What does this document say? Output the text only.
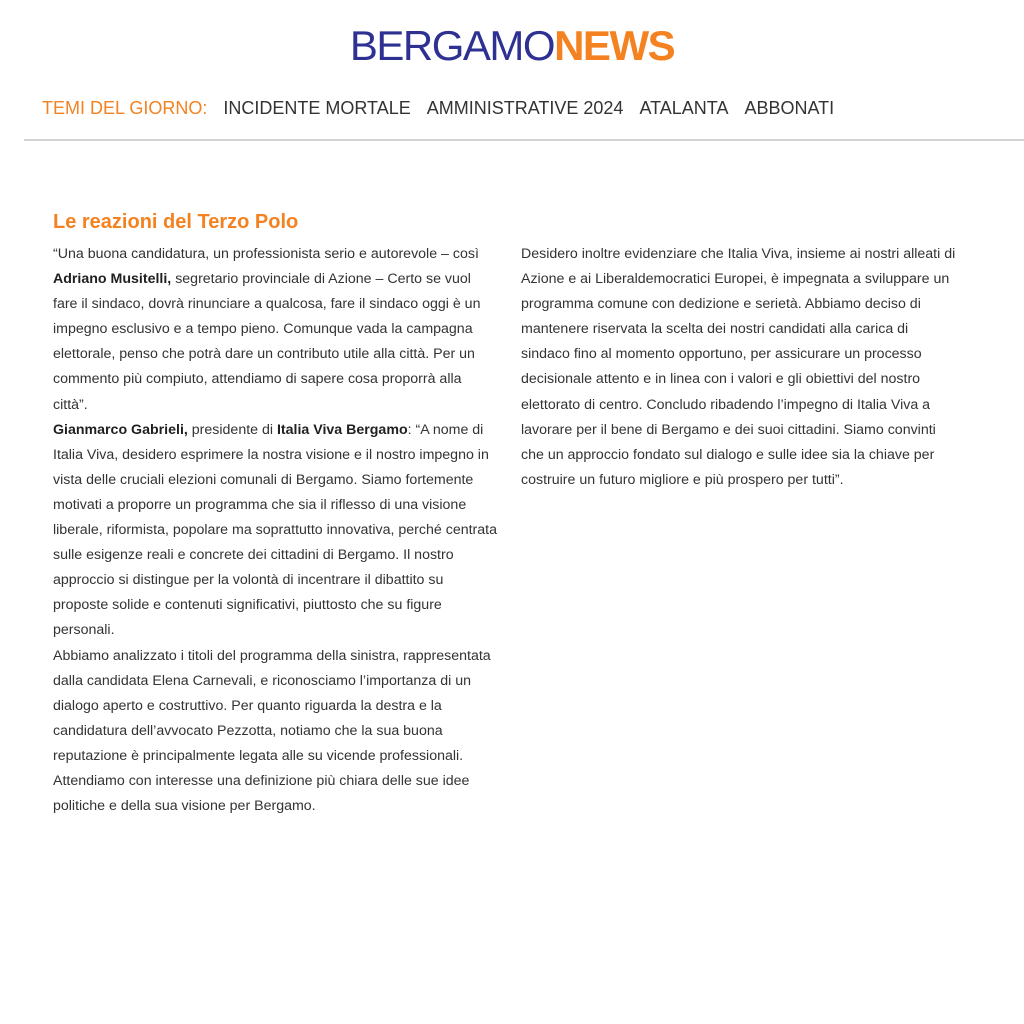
BERGAMONEWS
TEMI DEL GIORNO: INCIDENTE MORTALE AMMINISTRATIVE 2024 ATALANTA ABBONATI
Le reazioni del Terzo Polo

“Una buona candidatura, un professionista serio e autorevole – così Adriano Musitelli, segretario provinciale di Azione – Certo se vuol fare il sindaco, dovrà rinunciare a qualcosa, fare il sindaco oggi è un impegno esclusivo e a tempo pieno. Comunque vada la campagna elettorale, penso che potrà dare un contributo utile alla città. Per un commento più compiuto, attendiamo di sapere cosa proporrà alla città”.

Gianmarco Gabrieli, presidente di Italia Viva Bergamo: “A nome di Italia Viva, desidero esprimere la nostra visione e il nostro impegno in vista delle cruciali elezioni comunali di Bergamo. Siamo fortemente motivati a proporre un programma che sia il riflesso di una visione liberale, riformista, popolare ma soprattutto innovativa, perché centrata sulle esigenze reali e concrete dei cittadini di Bergamo. Il nostro approccio si distingue per la volontà di incentrare il dibattito su proposte solide e contenuti significativi, piuttosto che su figure personali.

Abbiamo analizzato i titoli del programma della sinistra, rappresentata dalla candidata Elena Carnevali, e riconosciamo l’importanza di un dialogo aperto e costruttivo. Per quanto riguarda la destra e la candidatura dell’avvocato Pezzotta, notiamo che la sua buona reputazione è principalmente legata alle su vicende professionali. Attendiamo con interesse una definizione più chiara delle sue idee politiche e della sua visione per Bergamo.

Desidero inoltre evidenziare che Italia Viva, insieme ai nostri alleati di Azione e ai Liberaldemocratici Europei, è impegnata a sviluppare un programma comune con dedizione e serietà. Abbiamo deciso di mantenere riservata la scelta dei nostri candidati alla carica di sindaco fino al momento opportuno, per assicurare un processo decisionale attento e in linea con i valori e gli obiettivi del nostro elettorato di centro. Concludo ribadendo l’impegno di Italia Viva a lavorare per il bene di Bergamo e dei suoi cittadini. Siamo convinti che un approccio fondato sul dialogo e sulle idee sia la chiave per costruire un futuro migliore e più prospero per tutti”.
